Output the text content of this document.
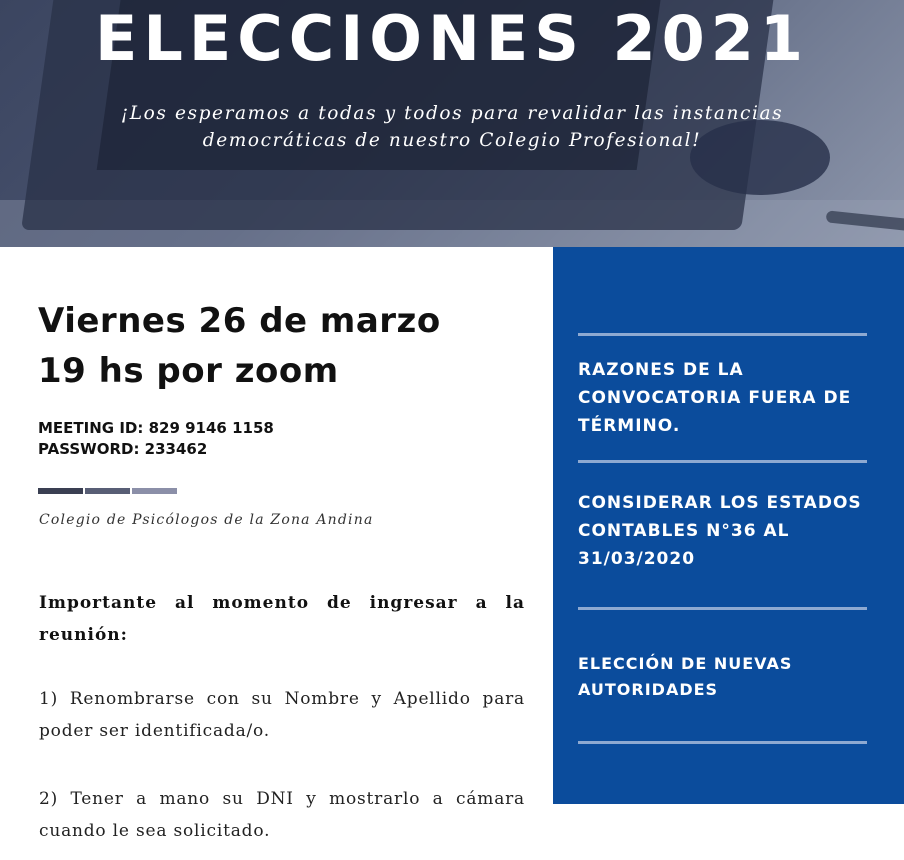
ELECCIONES 2021

¡Los esperamos a todas y todos para revalidar las instancias democráticas de nuestro Colegio Profesional!

Viernes 26 de marzo
19 hs por zoom
MEETING ID: 829 9146 1158
PASSWORD: 233462

Colegio de Psicólogos de la Zona Andina

Importante al momento de ingresar a la reunión:

1) Renombrarse con su Nombre y Apellido para poder ser identificada/o.

2) Tener a mano su DNI y mostrarlo a cámara cuando le sea solicitado.

RAZONES DE LA CONVOCATORIA FUERA DE TÉRMINO.

CONSIDERAR LOS ESTADOS CONTABLES N°36 AL 31/03/2020

ELECCIÓN DE NUEVAS AUTORIDADES
